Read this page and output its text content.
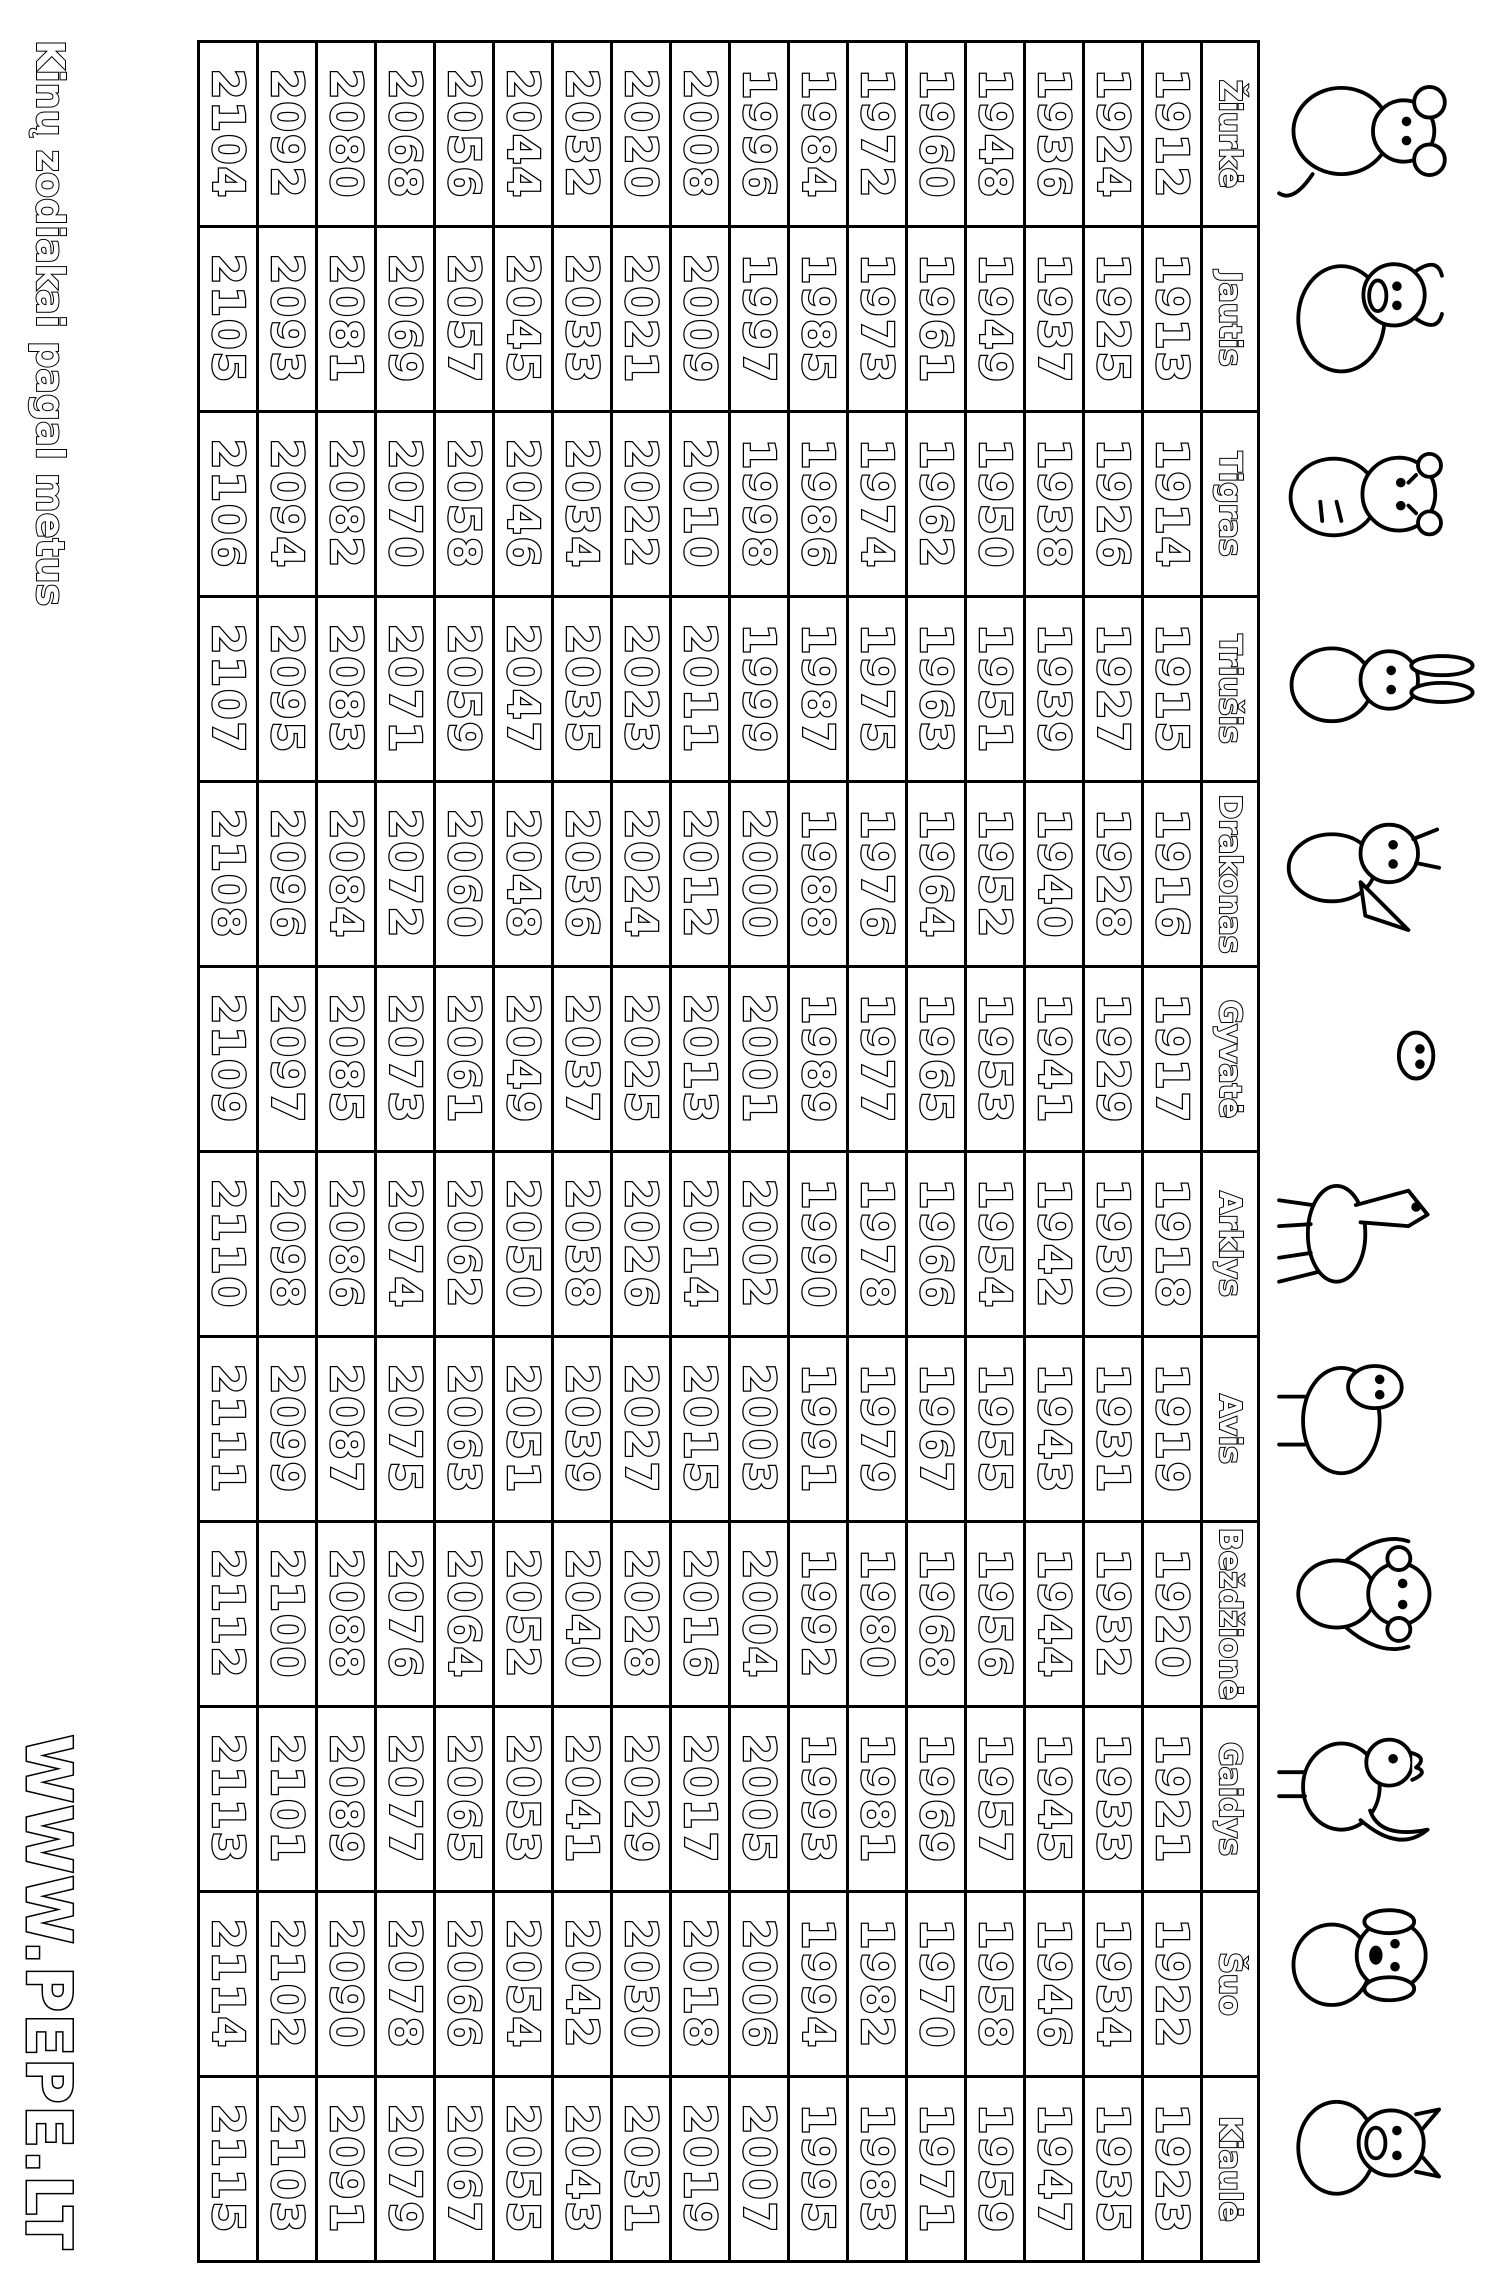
Žiurkė	Jautis	Tigras	Triušis	Drakonas	Gyvatė	Arklys	Avis	Beždžionė	Gaidys	Šuo	Kiaulė
1912	1913	1914	1915	1916	1917	1918	1919	1920	1921	1922	1923
1924	1925	1926	1927	1928	1929	1930	1931	1932	1933	1934	1935
1936	1937	1938	1939	1940	1941	1942	1943	1944	1945	1946	1947
1948	1949	1950	1951	1952	1953	1954	1955	1956	1957	1958	1959
1960	1961	1962	1963	1964	1965	1966	1967	1968	1969	1970	1971
1972	1973	1974	1975	1976	1977	1978	1979	1980	1981	1982	1983
1984	1985	1986	1987	1988	1989	1990	1991	1992	1993	1994	1995
1996	1997	1998	1999	2000	2001	2002	2003	2004	2005	2006	2007
2008	2009	2010	2011	2012	2013	2014	2015	2016	2017	2018	2019
2020	2021	2022	2023	2024	2025	2026	2027	2028	2029	2030	2031
2032	2033	2034	2035	2036	2037	2038	2039	2040	2041	2042	2043
2044	2045	2046	2047	2048	2049	2050	2051	2052	2053	2054	2055
2056	2057	2058	2059	2060	2061	2062	2063	2064	2065	2066	2067
2068	2069	2070	2071	2072	2073	2074	2075	2076	2077	2078	2079
2080	2081	2082	2083	2084	2085	2086	2087	2088	2089	2090	2091
2092	2093	2094	2095	2096	2097	2098	2099	2100	2101	2102	2103
2104	2105	2106	2107	2108	2109	2110	2111	2112	2113	2114	2115
Kinų zodiakai pagal metus
WWW.PEPE.LT
